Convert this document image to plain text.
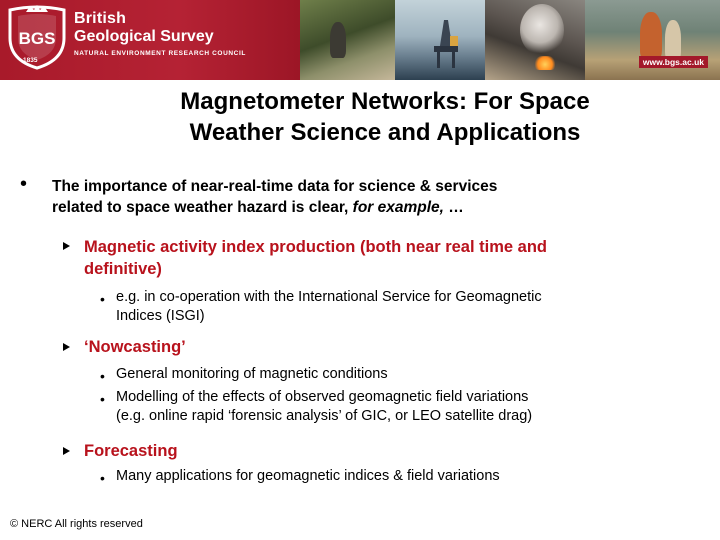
BGS
1835
British
Geological Survey
NATURAL ENVIRONMENT RESEARCH COUNCIL
www.bgs.ac.uk
Magnetometer Networks: For Space
Weather Science and Applications
• The importance of near-real-time data for science & services
related to space weather hazard is clear, for example, …
Magnetic activity index production (both near real time and
definitive)
• e.g. in co-operation with the International Service for Geomagnetic
Indices (ISGI)
‘Nowcasting’
• General monitoring of magnetic conditions
• Modelling of the effects of observed geomagnetic field variations
(e.g. online rapid ‘forensic analysis’ of GIC, or LEO satellite drag)
Forecasting
• Many applications for geomagnetic indices & field variations
© NERC All rights reserved
